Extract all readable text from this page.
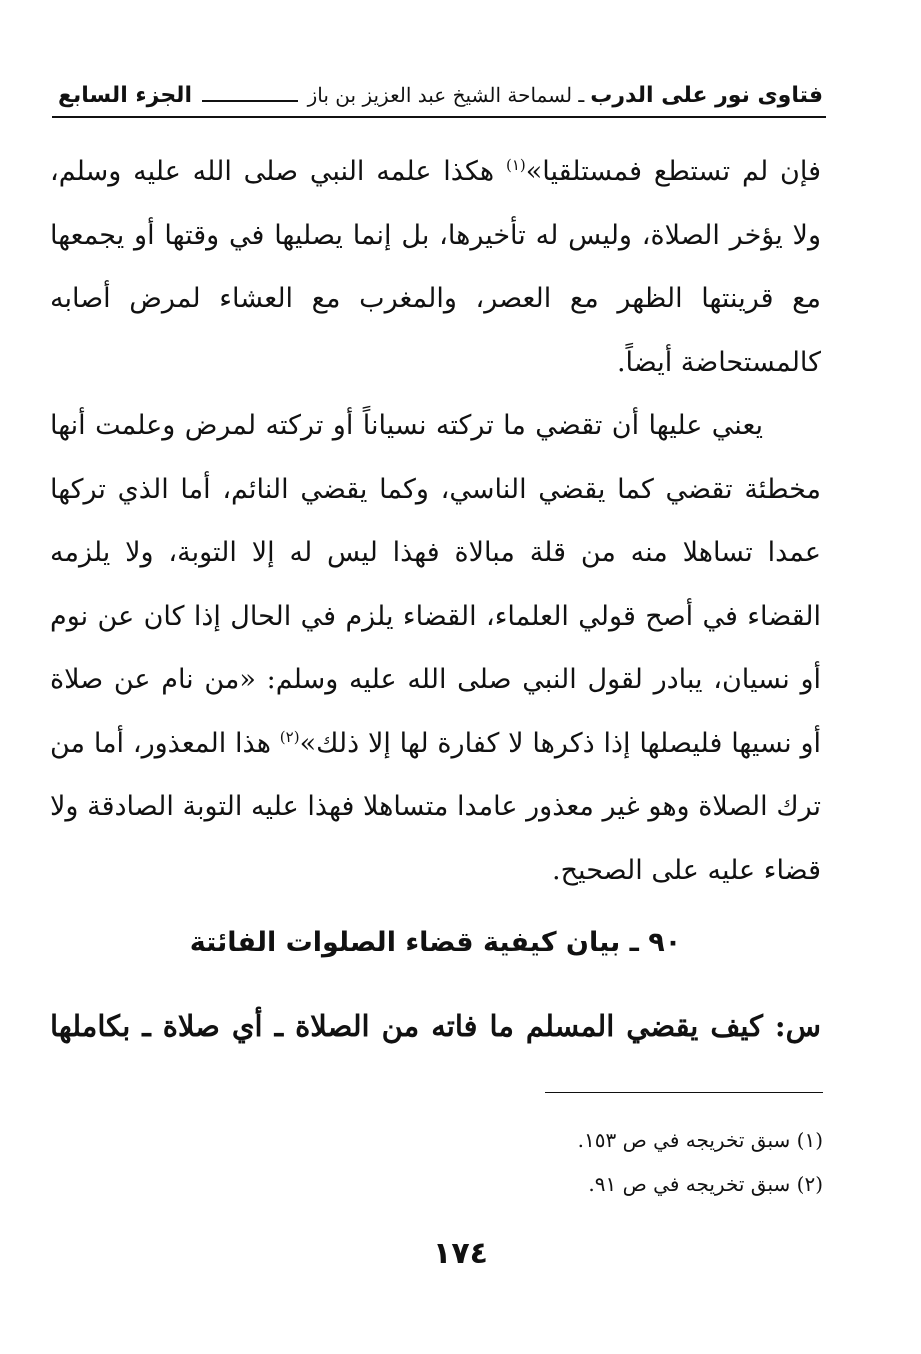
فتاوى نور على الدرب
ـ لسماحة الشيخ عبد العزيز بن باز
الجزء السابع

فإن لم تستطع فمستلقيا»$^{(١)}$ هكذا علمه النبي صلى الله عليه وسلم، ولا يؤخر الصلاة، وليس له تأخيرها، بل إنما يصليها في وقتها أو يجمعها مع قرينتها الظهر مع العصر، والمغرب مع العشاء لمرض أصابه كالمستحاضة أيضاً.

يعني عليها أن تقضي ما تركته نسياناً أو تركته لمرض وعلمت أنها مخطئة تقضي كما يقضي الناسي، وكما يقضي النائم، أما الذي تركها عمدا تساهلا منه من قلة مبالاة فهذا ليس له إلا التوبة، ولا يلزمه القضاء في أصح قولي العلماء، القضاء يلزم في الحال إذا كان عن نوم أو نسيان، يبادر لقول النبي صلى الله عليه وسلم: «من نام عن صلاة أو نسيها فليصلها إذا ذكرها لا كفارة لها إلا ذلك»$^{(٢)}$ هذا المعذور، أما من ترك الصلاة وهو غير معذور عامدا متساهلا فهذا عليه التوبة الصادقة ولا قضاء عليه على الصحيح.

٩٠ ـ بيان كيفية قضاء الصلوات الفائتة
س: كيف يقضي المسلم ما فاته من الصلاة ـ أي صلاة ـ بكاملها

(١) سبق تخريجه في ص ١٥٣.

(٢) سبق تخريجه في ص ٩١.

١٧٤
